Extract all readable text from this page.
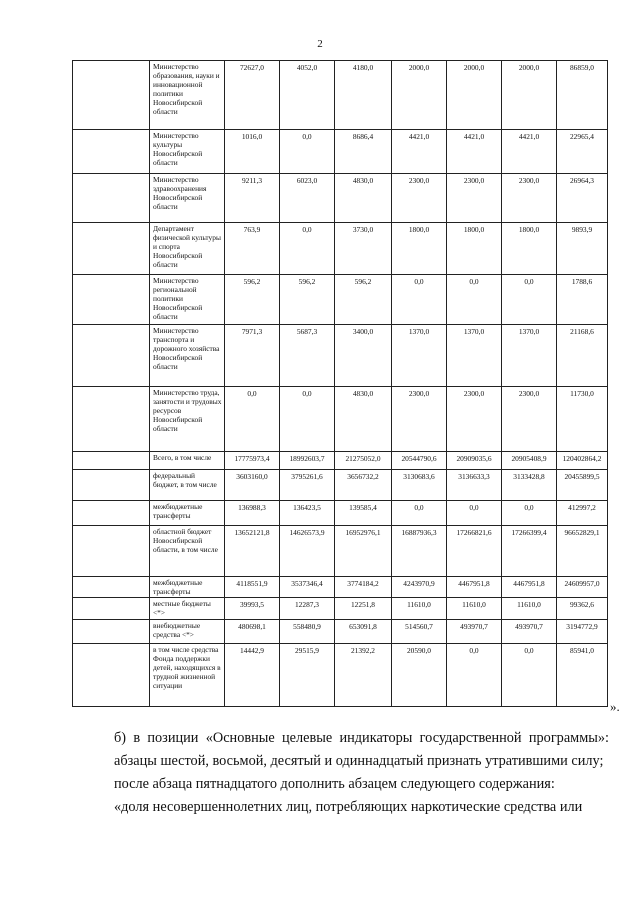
2
	Министерство образования, науки и инновационной политики Новосибирской области	72627,0	4052,0	4180,0	2000,0	2000,0	2000,0	86859,0
	Министерство культуры Новосибирской области	1016,0	0,0	8686,4	4421,0	4421,0	4421,0	22965,4
	Министерство здравоохранения Новосибирской области	9211,3	6023,0	4830,0	2300,0	2300,0	2300,0	26964,3
	Департамент физической культуры и спорта Новосибирской области	763,9	0,0	3730,0	1800,0	1800,0	1800,0	9893,9
	Министерство региональной политики Новосибирской области	596,2	596,2	596,2	0,0	0,0	0,0	1788,6
	Министерство транспорта и дорожного хозяйства Новосибирской области	7971,3	5687,3	3400,0	1370,0	1370,0	1370,0	21168,6
	Министерство труда, занятости и трудовых ресурсов Новосибирской области	0,0	0,0	4830,0	2300,0	2300,0	2300,0	11730,0
	Всего, в том числе	17775973,4	18992603,7	21275052,0	20544790,6	20909035,6	20905408,9	120402864,2
	федеральный бюджет, в том числе	3603160,0	3795261,6	3656732,2	3130683,6	3136633,3	3133428,8	20455899,5
	межбюджетные трансферты	136988,3	136423,5	139585,4	0,0	0,0	0,0	412997,2
	областной бюджет Новосибирской области, в том числе	13652121,8	14626573,9	16952976,1	16887936,3	17266821,6	17266399,4	96652829,1
	межбюджетные трансферты	4118551,9	3537346,4	3774184,2	4243970,9	4467951,8	4467951,8	24609957,0
	местные бюджеты <*>	39993,5	12287,3	12251,8	11610,0	11610,0	11610,0	99362,6
	внебюджетные средства <*>	480698,1	558480,9	653091,8	514560,7	493970,7	493970,7	3194772,9
	в том числе средства Фонда поддержки детей, находящихся в трудной жизненной ситуации	14442,9	29515,9	21392,2	20590,0	0,0	0,0	85941,0
».

б) в позиции «Основные целевые индикаторы государственной программы»:

абзацы шестой, восьмой, десятый и одиннадцатый признать утратившими силу;

после абзаца пятнадцатого дополнить абзацем следующего содержания:

«доля несовершеннолетних лиц, потребляющих наркотические средства или
